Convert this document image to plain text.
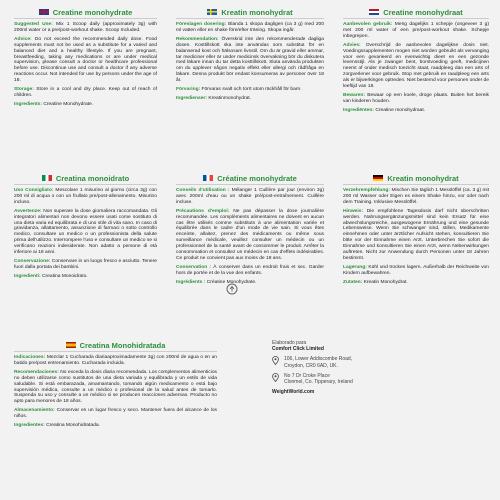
Creatine monohydrate

Suggested Use: Mix 1 Scoop daily (approximately 3g) with 200ml water or a pre/post-workout shake. Scoop Included.

Advice: Do not exceed the recommended daily dose. Food supplements must not be used as a substitute for a varied and balanced diet and a healthy lifestyle. If you are pregnant, breastfeeding, taking any medications or are under medical supervision, please consult a doctor or healthcare professional before use. Discontinue use and consult a doctor if any adverse reactions occur. Not intended for use by persons under the age of 18.

Storage: Store in a cool and dry place. Keep out of reach of children.

Ingredients: Creatine Monohydrate.

Kreatin monohydrat

Föreslagen dosering: Blanda 1 skopa dagligen (ca 3 g) med 200 ml vatten eller en shake före/efter träning. Skopa ingår.

Rekommendation: Överskrid inte den rekommenderade dagliga dosen. Kosttillskott ska inte användas som substitut för en balanserad kost och hälsosam livsstil. Om du är gravid eller ammar, tar mediciner eller är under medicinsk övervakning bör du diskutera med läkare innan du tar detta kosttillskott. Sluta använda produkten om du upplever någon negativ effekt eller allergi och rådfråga en läkare. Denna produkt bör endast konsumeras av personer över 18 år.

Förvaring: Förvaras svalt och torrt utom räckhåll för barn.

Ingredienser: Kreatinmonohydrat.

Creatine monohydraat

Aanbevolen gebruik: Meng dagelijks 1 schepje (ongeveer 3 g) met 200 ml water of een pre/post-workout shake. Schepje inbegrepen.

Advies: Overschrijd de aanbevolen dagelijkse dosis niet. Voedingssupplementen mogen niet worden gebruikt als vervanging voor een gevarieerd en evenwichtig dieet en een gezonde levensstijl. Als je zwanger bent, borstvoeding geeft, medicijnen neemt of onder medisch toezicht staat, raadpleeg dan een arts of zorgverlener voor gebruik. Stop met gebruik en raadpleeg een arts als er bijwerkingen optreden. Niet bestemd voor personen onder de leeftijd van 18.

Bewaren: Bewaar op een koele, droge plaats. Buiten het bereik van kinderen houden.

Ingrediënten: Creatine monohydraat.

Creatina monoidrato

Uso Consigliato: Mescolare 1 misurino al giorno (circa 3g) con 200 ml di acqua o con un frullato pre/post-allenamento. Misurino incluso.

Avvertenze: Non superare la dose giornaliera raccomandata. Gli integratori alimentari non devono essere usati come sostituto di una dieta varia ed equilibrata e di uno stile di vita sano. In caso di gravidanza, allattamento, assunzione di farmaci o sotto controllo medico, consultare un medico o un professionista della salute prima dell'utilizzo. Interrompere l'uso e consultare un medico se si verificano reazioni indesiderate. Non adatto a persone di età inferiore ai 18 anni.

Conservazione: Conservare in un luogo fresco e asciutto. Tenere fuori dalla portata dei bambini.

Ingredienti: Creatina Monoidrato.

Créatine monohydrate

Conseils d'utilisation : Mélanger 1 Cuillère par jour (environ 3g) avec 200ml d'eau ou un shake pré/post-entraînement. Cuillère incluse.

Précautions d'emploi: Ne pas dépasser la dose journalière recommandée. Les compléments alimentaires ne doivent en aucun cas être utilisés comme substituts à une alimentation variée et équilibrée dans le cadre d'un mode de vie sain. Si vous êtes enceinte, allaitez, prenez des médicaments ou même sous surveillance médicale, veuillez consulter un médecin ou un professionnel de la santé avant de consommer le produit. Arrêter la consommation et consultez un médecin en cas d'effets indésirables. Ce produit ne convient pas aux moins de 18 ans.

Conservation : À conserver dans un endroit frais et sec. Garder hors de portée et de la vue des enfants.

Ingrédients : Créatine Monohydrate.

Kreatin monohydrat

Verzehrempfehlung: Mischen Sie täglich 1 Messlöffel (ca. 3 g) mit 200 ml Wasser oder Eigen es einem Shake hinzu, vor oder nach dem Training. Inklusive Messlöffel.

Hinweis: Die empfohlene Tagesdosis darf nicht überschritten werden. Nahrungsergänzungsmittel sind kein Ersatz für eine abwechslungsreiche, ausgewogene Ernährung und eine gesunde Lebensweise. Wenn Sie schwanger sind, stillen, Medikamente einnehmen oder unter ärztlicher Aufsicht stehen, konsultieren Sie bitte vor der Einnahme einen Arzt. Unterbrechen Sie sofort die Einnahme und konsultieren Sie einen Arzt, wenn Nebenwirkungen auftreten. Nicht zur Anwendung durch Personen unter 18 Jahren bestimmt.

Lagerung: Kühl und trocken lagern. Außerhalb der Reichweite von Kindern aufbewahren.

Zutaten: Kreatin Monohydrat.

Creatina Monohidratada

Indicaciones: Mezclar 1 Cucharada diariaaproximadamente 3g) con 200ml de agua o en un batido pre/post entrenamiento. Cucharada incluida.

Recomendaciones: No exceda la dosis diaria recomendada. Los complementos alimenticios no deben utilizarse como sustitutos de una dieta variada y equilibrada y un estilo de vida saludable. Si está embarazada, amamantando, tomando algún medicamento o está bajo supervisión médica, consulte a un médico o profesional de la salud antes de tomarlo. Suspenda su uso y consulte a un médico si se producen reacciones adversas. Producto no apto para menores de 18 años.

Almacenamiento: Conservar en un lugar fresco y seco. Mantener fuera del alcance de los niños.

Ingredientes: Creatina Monohidratada.

Elaborado para
Comfort Click Limited
106, Lower Addiscombe Road,
Croydon, CR0 6AD, UK.
No 7 Dr Croke Place
Clonmel, Co. Tipperary, Ireland
WeightWorld.com
